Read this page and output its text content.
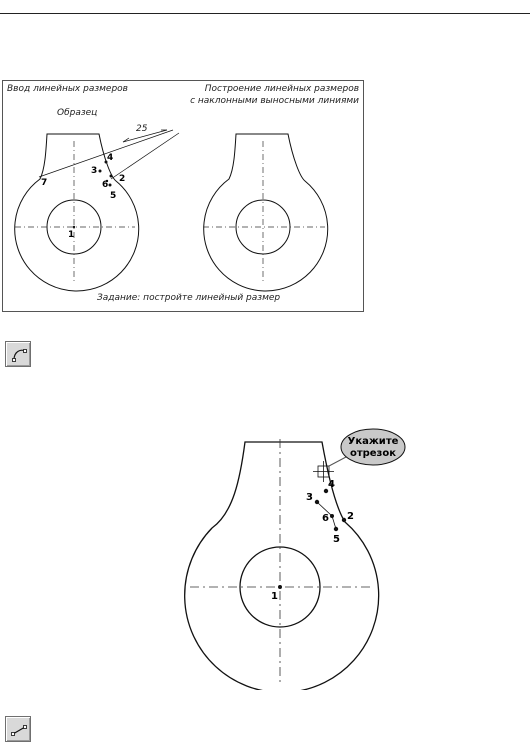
Ввод линейных размеров	Построение линейных размеров
с наклонными выносными линиями
Образец
Задание: постройте линейный размер
25
4
3
2
6
5
7
1
4
3
2
6
5
1
Укажите
отрезок
